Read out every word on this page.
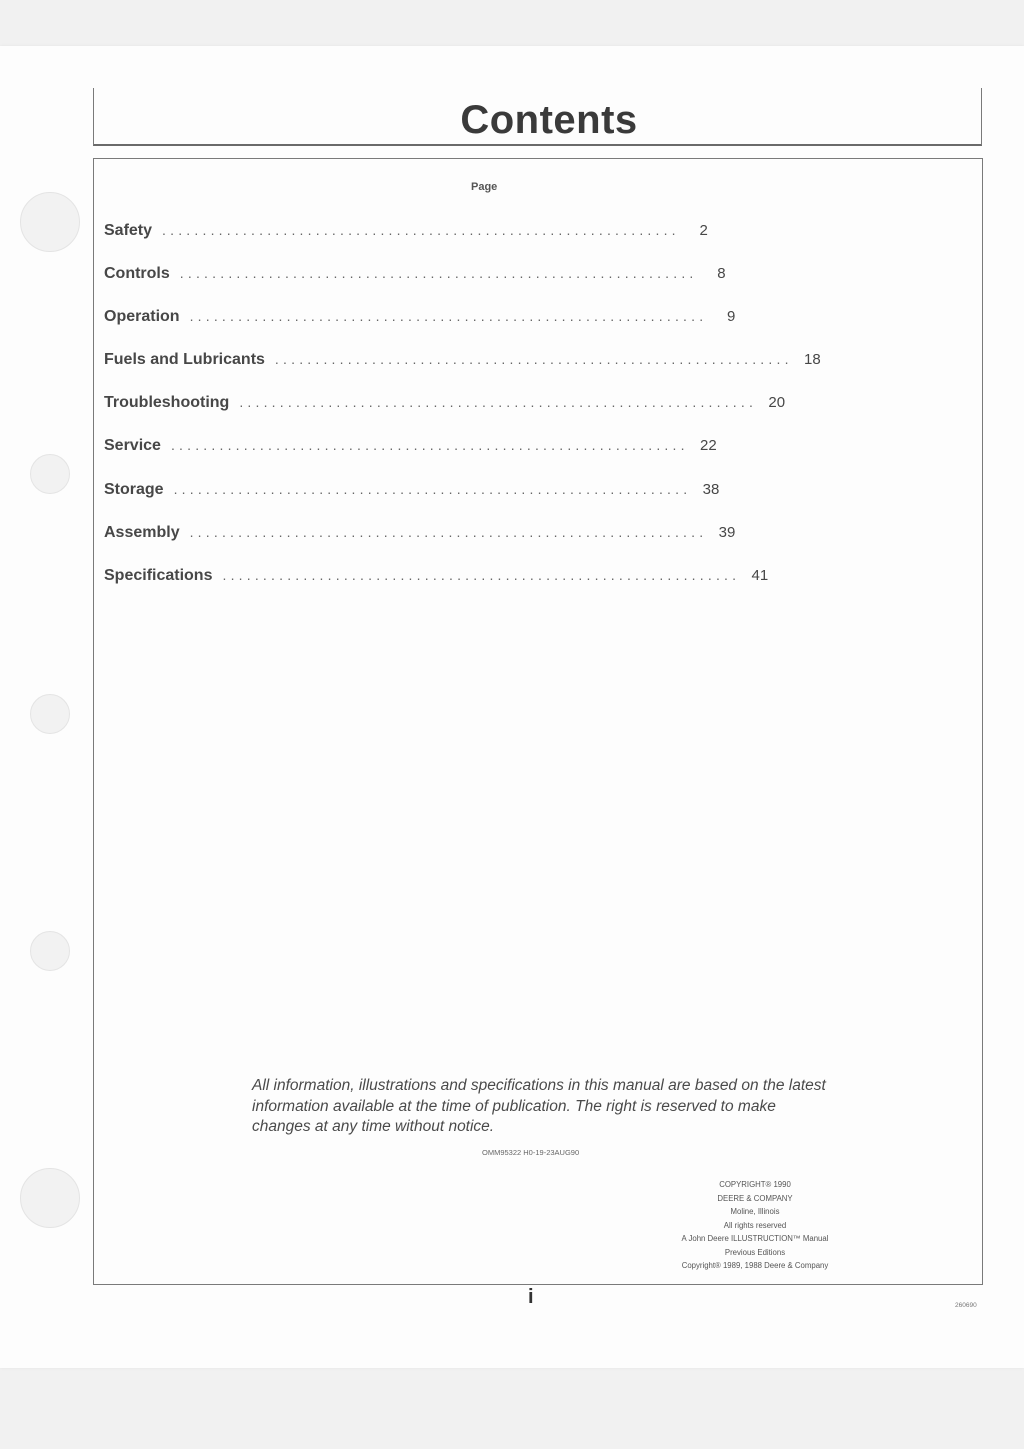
Contents
Page
Safety ................................................................	2
Controls ................................................................	8
Operation ................................................................	9
Fuels and Lubricants ................................................................ 18
Troubleshooting ................................................................ 20
Service ................................................................ 22
Storage ................................................................ 38
Assembly ................................................................ 39
Specifications ................................................................ 41

All information, illustrations and specifications in this manual are based on the latest information available at the time of publication. The right is reserved to make changes at any time without notice.

OMM95322 H0-19-23AUG90
COPYRIGHT® 1990
DEERE & COMPANY
Moline, Illinois
All rights reserved
A John Deere ILLUSTRUCTION™ Manual
Previous Editions
Copyright® 1989, 1988 Deere & Company
i	260690
